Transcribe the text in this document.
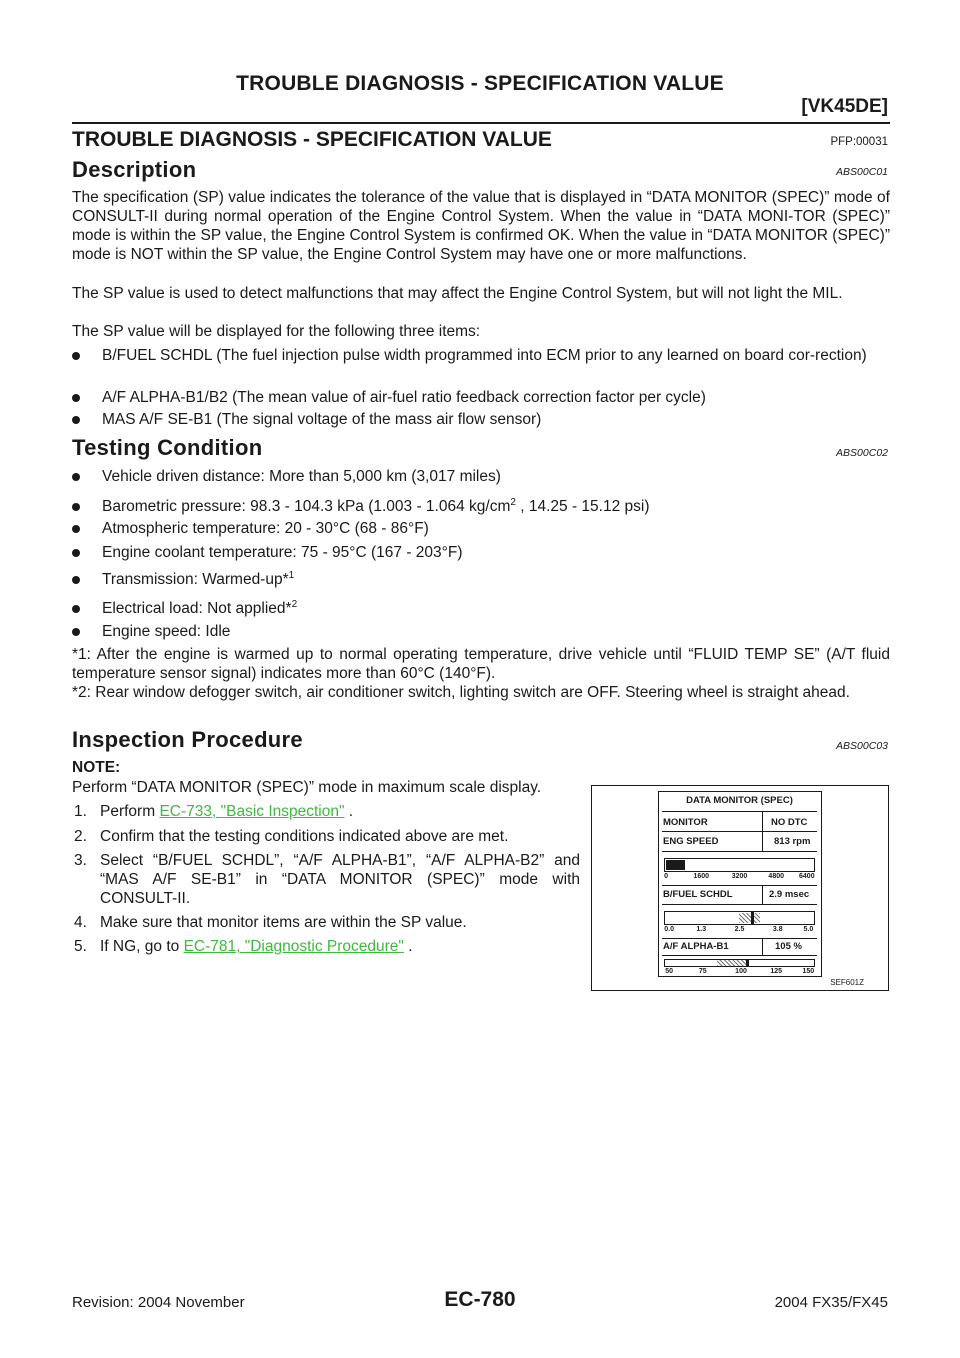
TROUBLE DIAGNOSIS - SPECIFICATION VALUE
[VK45DE]
TROUBLE DIAGNOSIS - SPECIFICATION VALUE	PFP:00031
Description	ABS00C01

The specification (SP) value indicates the tolerance of the value that is displayed in “DATA MONITOR (SPEC)” mode of CONSULT-II during normal operation of the Engine Control System. When the value in “DATA MONI-TOR (SPEC)” mode is within the SP value, the Engine Control System is confirmed OK. When the value in “DATA MONITOR (SPEC)” mode is NOT within the SP value, the Engine Control System may have one or more malfunctions.

The SP value is used to detect malfunctions that may affect the Engine Control System, but will not light the MIL.

The SP value will be displayed for the following three items:

B/FUEL SCHDL (The fuel injection pulse width programmed into ECM prior to any learned on board cor-rection)
A/F ALPHA-B1/B2 (The mean value of air-fuel ratio feedback correction factor per cycle)
MAS A/F SE-B1 (The signal voltage of the mass air flow sensor)
Testing Condition	ABS00C02
Vehicle driven distance: More than 5,000 km (3,017 miles)
Barometric pressure: 98.3 - 104.3 kPa (1.003 - 1.064 $kg/cm^2$ , 14.25 - 15.12 psi)
Atmospheric temperature: 20 - 30°C (68 - 86°F)
Engine coolant temperature: 75 - 95°C (167 - 203°F)
Transmission: Warmed-up*$^1$
Electrical load: Not applied*$^2$
Engine speed: Idle

*1: After the engine is warmed up to normal operating temperature, drive vehicle until “FLUID TEMP SE” (A/T fluid temperature sensor signal) indicates more than 60°C (140°F).

*2: Rear window defogger switch, air conditioner switch, lighting switch are OFF. Steering wheel is straight ahead.

Inspection Procedure	ABS00C03
NOTE:
Perform “DATA MONITOR (SPEC)” mode in maximum scale display.
1. Perform EC-733, "Basic Inspection" .
2. Confirm that the testing conditions indicated above are met.
3. Select “B/FUEL SCHDL”, “A/F ALPHA-B1”, “A/F ALPHA-B2” and “MAS A/F SE-B1” in “DATA MONITOR (SPEC)” mode with CONSULT-II.
4. Make sure that monitor items are within the SP value.
5. If NG, go to EC-781, "Diagnostic Procedure" .
DATA MONITOR (SPEC)
MONITOR	NO DTC
ENG SPEED	813 rpm
0	1600	3200	4800 6400
B/FUEL SCHDL	2.9 msec
0.0	1.3	2.5	3.8	5.0
A/F ALPHA-B1	105 %
50	75	100	125	150
SEF601Z
EC-780
Revision: 2004 November	2004 FX35/FX45
